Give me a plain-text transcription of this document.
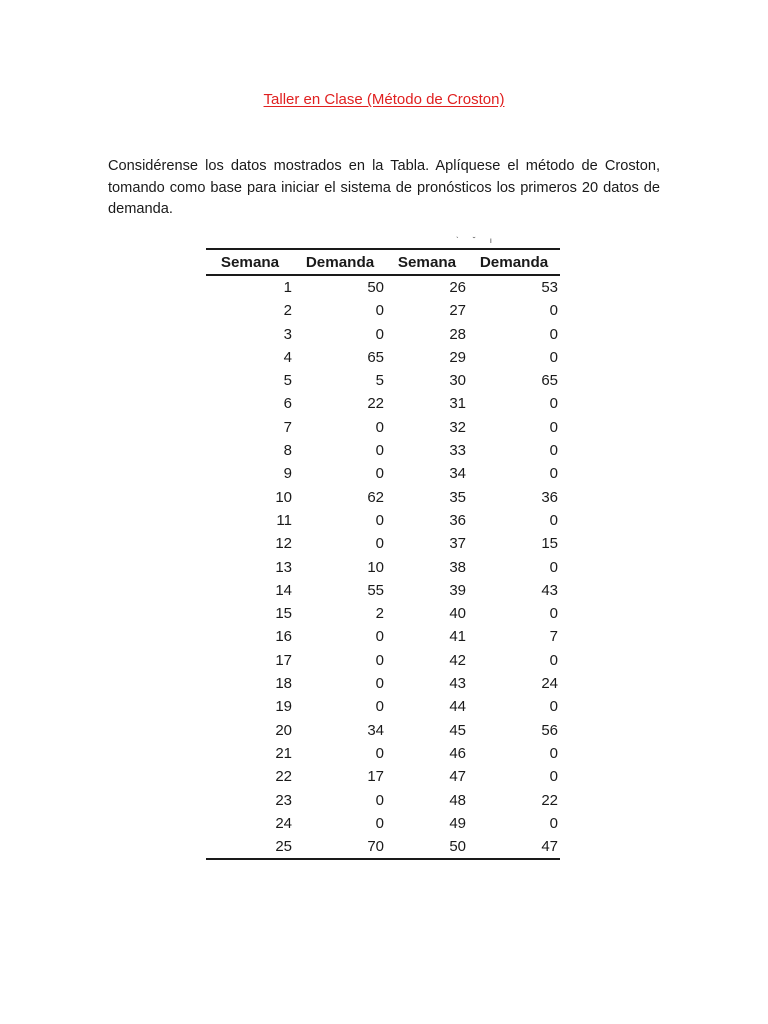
Taller en Clase (Método de Croston)

Considérense los datos mostrados en la Tabla. Aplíquese el método de Croston, tomando como base para iniciar el sistema de pronósticos los primeros 20 datos de demanda.

` ˘ ı
Semana	Demanda	Semana	Demanda
1	50	26	53
2	0	27	0
3	0	28	0
4	65	29	0
5	5	30	65
6	22	31	0
7	0	32	0
8	0	33	0
9	0	34	0
10	62	35	36
11	0	36	0
12	0	37	15
13	10	38	0
14	55	39	43
15	2	40	0
16	0	41	7
17	0	42	0
18	0	43	24
19	0	44	0
20	34	45	56
21	0	46	0
22	17	47	0
23	0	48	22
24	0	49	0
25	70	50	47
